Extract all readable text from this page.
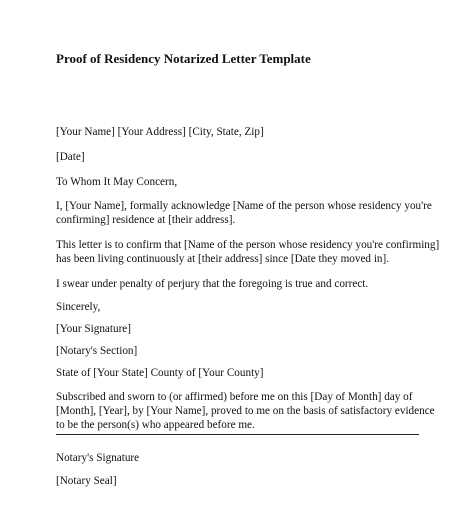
Proof of Residency Notarized Letter Template
[Your Name] [Your Address] [City, State, Zip]
[Date]
To Whom It May Concern,
I, [Your Name], formally acknowledge [Name of the person whose residency you're
confirming] residence at [their address].
This letter is to confirm that [Name of the person whose residency you're confirming]
has been living continuously at [their address] since [Date they moved in].
I swear under penalty of perjury that the foregoing is true and correct.
Sincerely,
[Your Signature]
[Notary's Section]
State of [Your State] County of [Your County]
Subscribed and sworn to (or affirmed) before me on this [Day of Month] day of
[Month], [Year], by [Your Name], proved to me on the basis of satisfactory evidence
to be the person(s) who appeared before me.
Notary's Signature
[Notary Seal]
